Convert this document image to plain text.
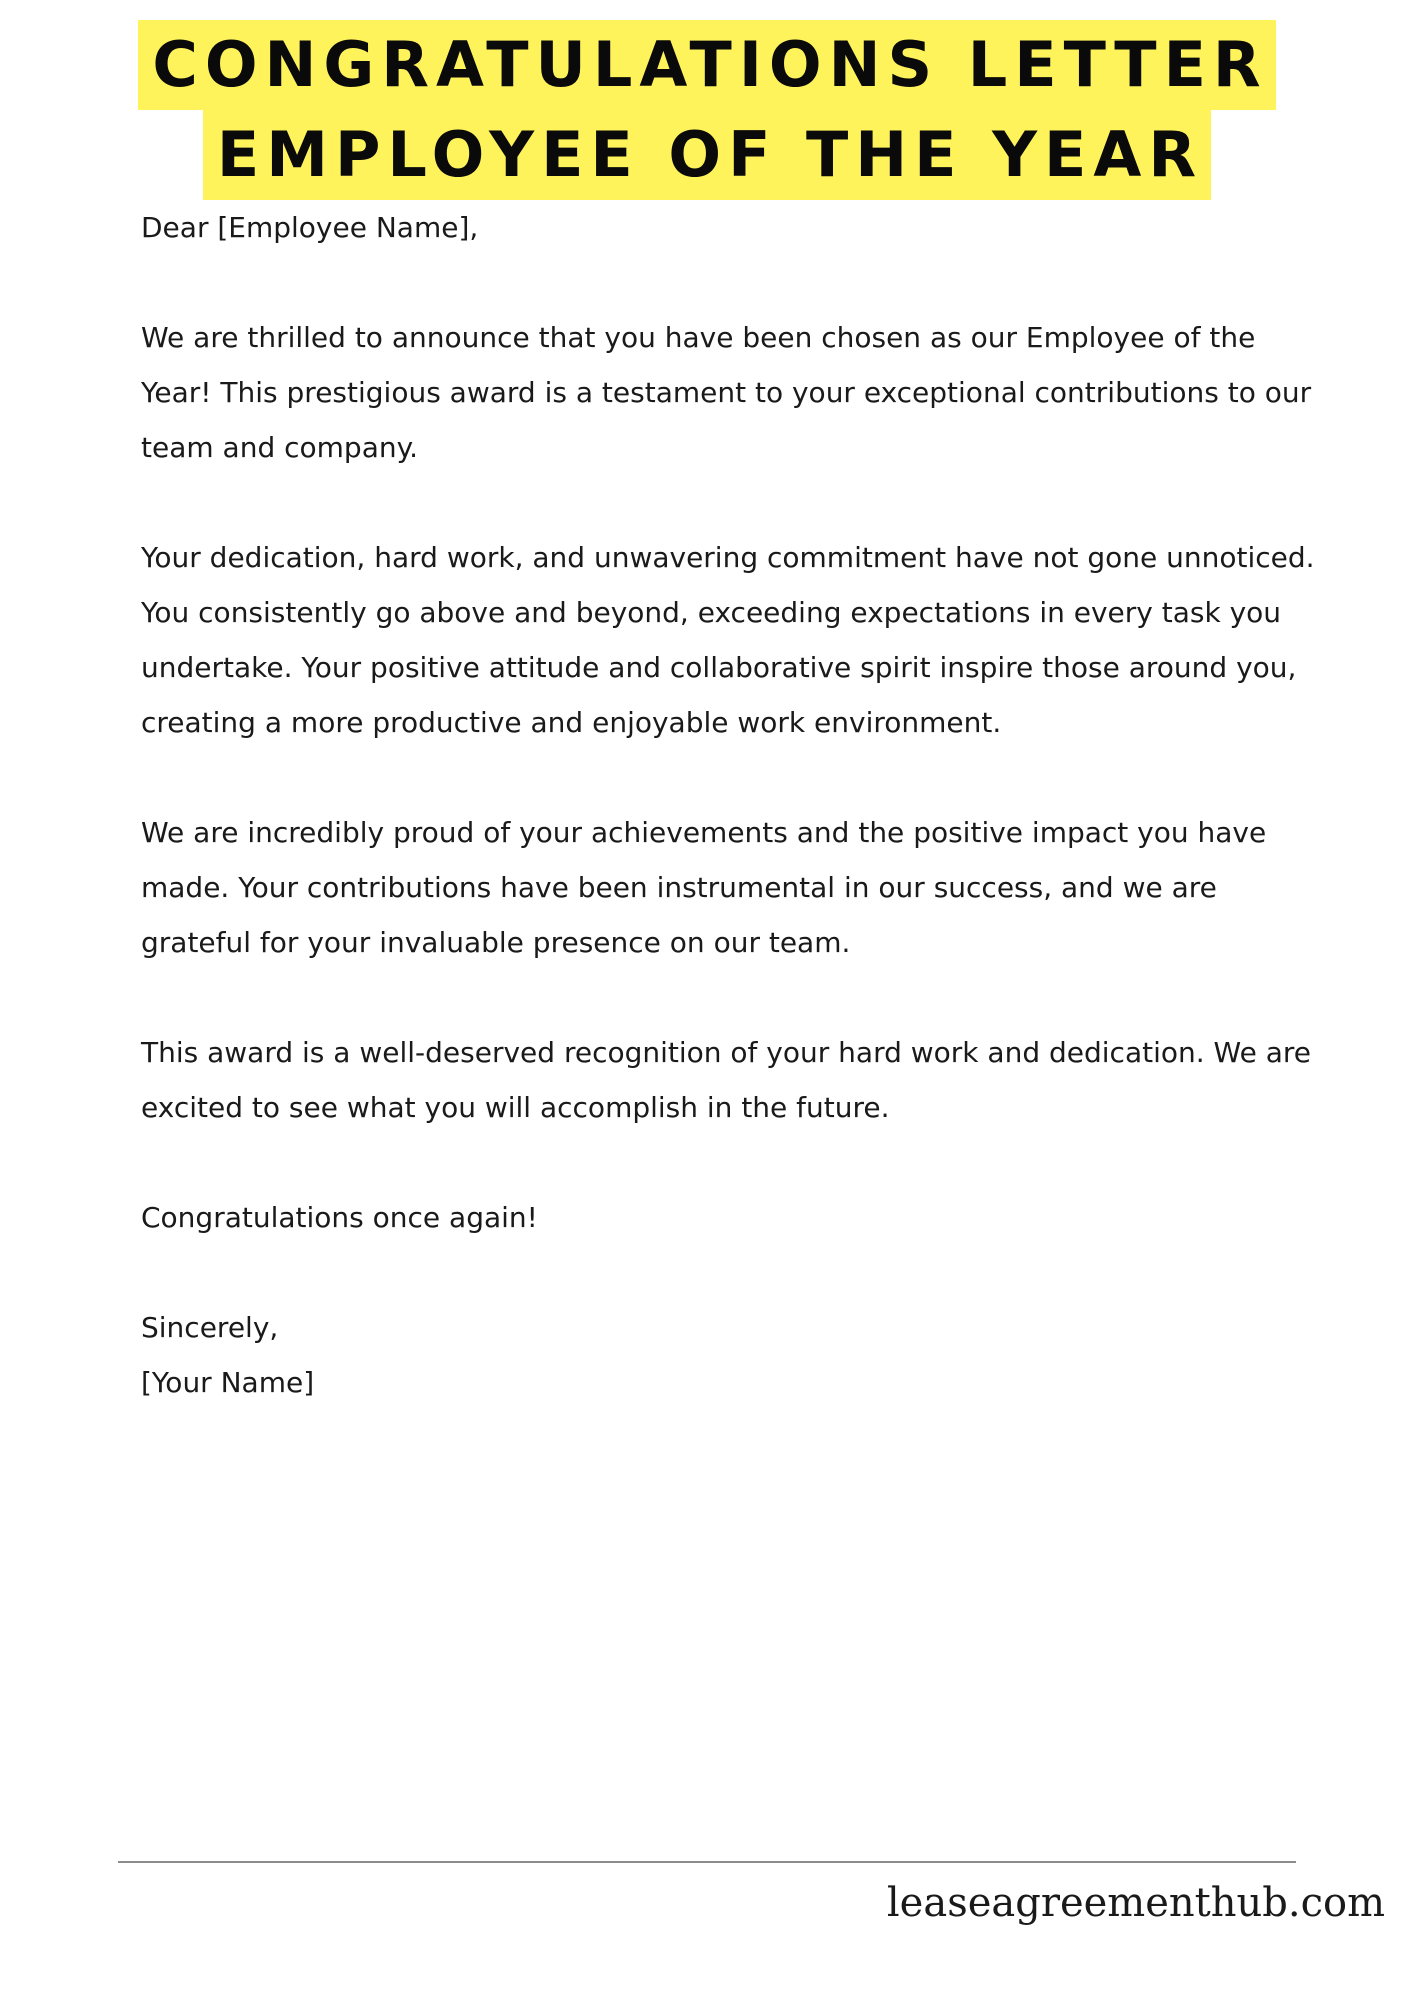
CONGRATULATIONS LETTER
EMPLOYEE OF THE YEAR

Dear [Employee Name],

We are thrilled to announce that you have been chosen as our Employee of the Year! This prestigious award is a testament to your exceptional contributions to our team and company.

Your dedication, hard work, and unwavering commitment have not gone unnoticed. You consistently go above and beyond, exceeding expectations in every task you undertake. Your positive attitude and collaborative spirit inspire those around you, creating a more productive and enjoyable work environment.

We are incredibly proud of your achievements and the positive impact you have made. Your contributions have been instrumental in our success, and we are grateful for your invaluable presence on our team.

This award is a well-deserved recognition of your hard work and dedication. We are excited to see what you will accomplish in the future.

Congratulations once again!

Sincerely,

[Your Name]

leaseagreementhub.com
